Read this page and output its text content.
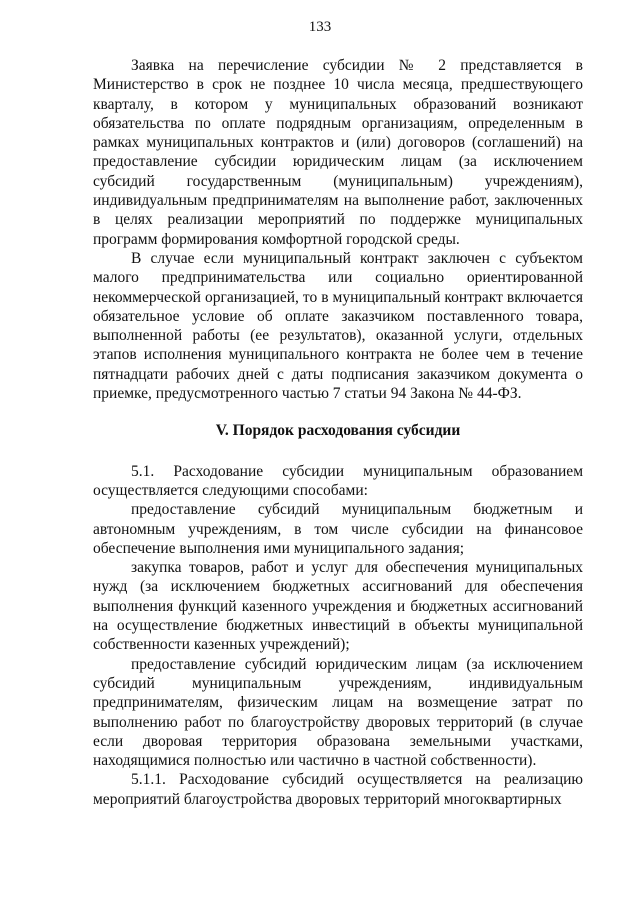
133

Заявка на перечисление субсидии № 2 представляется в Министерство в срок не позднее 10 числа месяца, предшествующего кварталу, в котором у муниципальных образований возникают обязательства по оплате подрядным организациям, определенным в рамках муниципальных контрактов и (или) договоров (соглашений) на предоставление субсидии юридическим лицам (за исключением субсидий государственным (муниципальным) учреждениям), индивидуальным предпринимателям на выполнение работ, заключенных в целях реализации мероприятий по поддержке муниципальных программ формирования комфортной городской среды.

В случае если муниципальный контракт заключен с субъектом малого предпринимательства или социально ориентированной некоммерческой организацией, то в муниципальный контракт включается обязательное условие об оплате заказчиком поставленного товара, выполненной работы (ее результатов), оказанной услуги, отдельных этапов исполнения муниципального контракта не более чем в течение пятнадцати рабочих дней с даты подписания заказчиком документа о приемке, предусмотренного частью 7 статьи 94 Закона № 44-ФЗ.

V. Порядок расходования субсидии

5.1. Расходование субсидии муниципальным образованием осуществляется следующими способами:

предоставление субсидий муниципальным бюджетным и автономным учреждениям, в том числе субсидии на финансовое обеспечение выполнения ими муниципального задания;

закупка товаров, работ и услуг для обеспечения муниципальных нужд (за исключением бюджетных ассигнований для обеспечения выполнения функций казенного учреждения и бюджетных ассигнований на осуществление бюджетных инвестиций в объекты муниципальной собственности казенных учреждений);

предоставление субсидий юридическим лицам (за исключением субсидий муниципальным учреждениям, индивидуальным предпринимателям, физическим лицам на возмещение затрат по выполнению работ по благоустройству дворовых территорий (в случае если дворовая территория образована земельными участками, находящимися полностью или частично в частной собственности).

5.1.1. Расходование субсидий осуществляется на реализацию мероприятий благоустройства дворовых территорий многоквартирных
